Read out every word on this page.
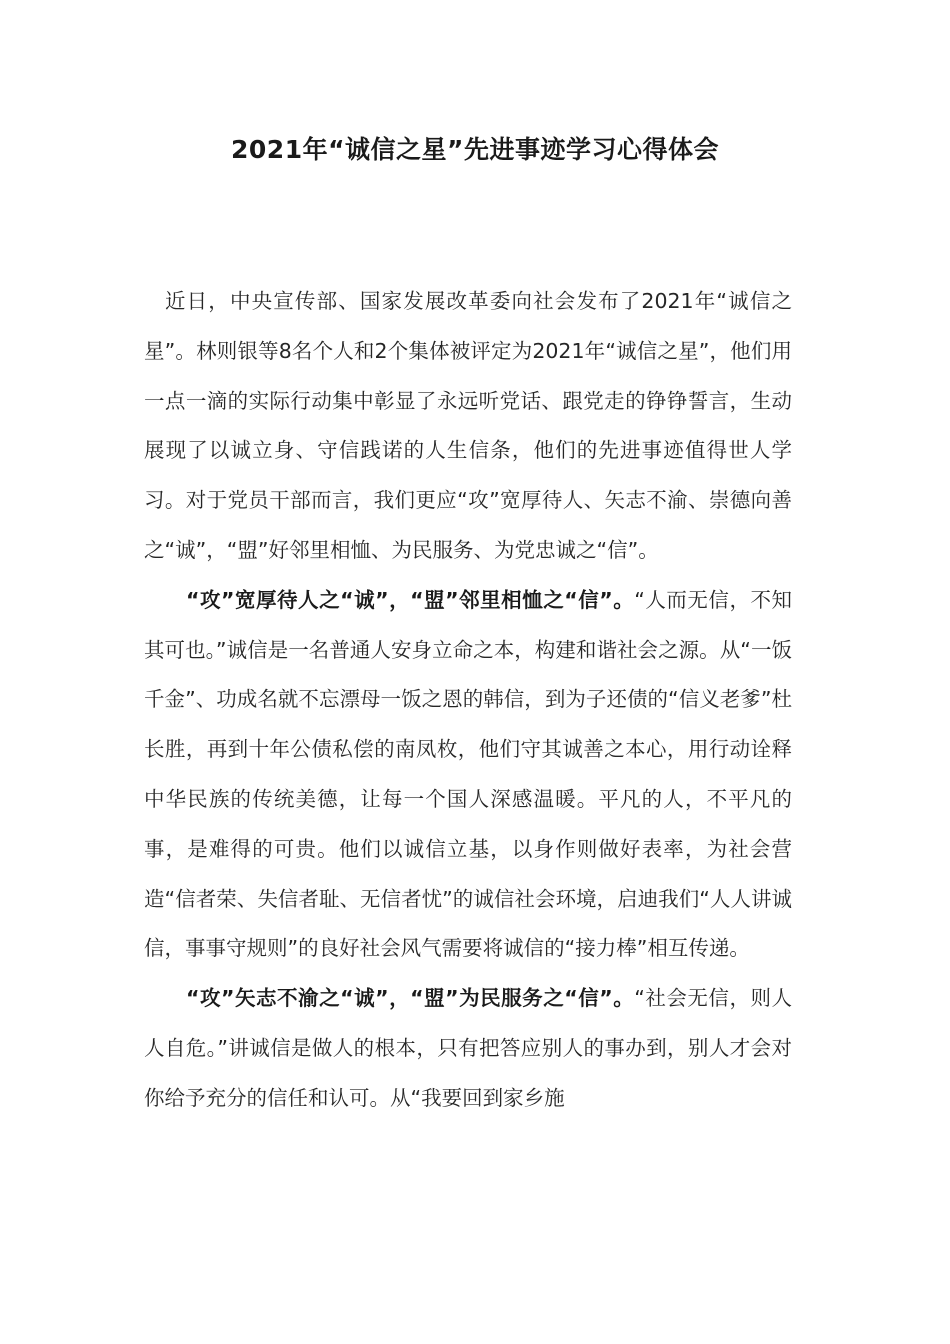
2021年“诚信之星”先进事迹学习心得体会

近日，中央宣传部、国家发展改革委向社会发布了2021年“诚信之星”。林则银等8名个人和2个集体被评定为2021年“诚信之星”，他们用一点一滴的实际行动集中彰显了永远听党话、跟党走的铮铮誓言，生动展现了以诚立身、守信践诺的人生信条，他们的先进事迹值得世人学习。对于党员干部而言，我们更应“攻”宽厚待人、矢志不渝、崇德向善之“诚”，“盟”好邻里相恤、为民服务、为党忠诚之“信”。

“攻”宽厚待人之“诚”，“盟”邻里相恤之“信”。“人而无信，不知其可也。”诚信是一名普通人安身立命之本，构建和谐社会之源。从“一饭千金”、功成名就不忘漂母一饭之恩的韩信，到为子还债的“信义老爹”杜长胜，再到十年公债私偿的南凤枚，他们守其诚善之本心，用行动诠释中华民族的传统美德，让每一个国人深感温暖。平凡的人，不平凡的事，是难得的可贵。他们以诚信立基，以身作则做好表率，为社会营造“信者荣、失信者耻、无信者忧”的诚信社会环境，启迪我们“人人讲诚信，事事守规则”的良好社会风气需要将诚信的“接力棒”相互传递。

“攻”矢志不渝之“诚”，“盟”为民服务之“信”。“社会无信，则人人自危。”讲诚信是做人的根本，只有把答应别人的事办到，别人才会对你给予充分的信任和认可。从“我要回到家乡施
